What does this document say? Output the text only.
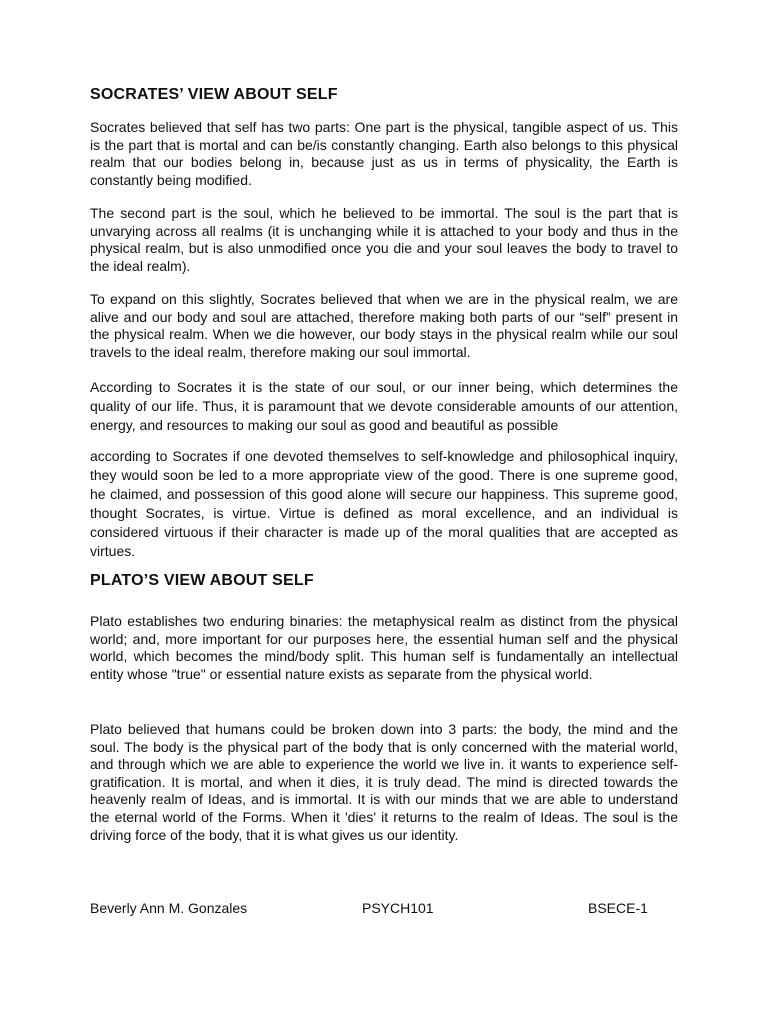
SOCRATES’ VIEW ABOUT SELF

Socrates believed that self has two parts: One part is the physical, tangible aspect of us. This is the part that is mortal and can be/is constantly changing. Earth also belongs to this physical realm that our bodies belong in, because just as us in terms of physicality, the Earth is constantly being modified.

The second part is the soul, which he believed to be immortal. The soul is the part that is unvarying across all realms (it is unchanging while it is attached to your body and thus in the physical realm, but is also unmodified once you die and your soul leaves the body to travel to the ideal realm).

To expand on this slightly, Socrates believed that when we are in the physical realm, we are alive and our body and soul are attached, therefore making both parts of our “self” present in the physical realm. When we die however, our body stays in the physical realm while our soul travels to the ideal realm, therefore making our soul immortal.

According to Socrates it is the state of our soul, or our inner being, which determines the quality of our life. Thus, it is paramount that we devote considerable amounts of our attention, energy, and resources to making our soul as good and beautiful as possible

according to Socrates if one devoted themselves to self-knowledge and philosophical inquiry, they would soon be led to a more appropriate view of the good. There is one supreme good, he claimed, and possession of this good alone will secure our happiness. This supreme good, thought Socrates, is virtue. Virtue is defined as moral excellence, and an individual is considered virtuous if their character is made up of the moral qualities that are accepted as virtues.

PLATO’S VIEW ABOUT SELF

Plato establishes two enduring binaries: the metaphysical realm as distinct from the physical world; and, more important for our purposes here, the essential human self and the physical world, which becomes the mind/body split. This human self is fundamentally an intellectual entity whose "true" or essential nature exists as separate from the physical world.

Plato believed that humans could be broken down into 3 parts: the body, the mind and the soul. The body is the physical part of the body that is only concerned with the material world, and through which we are able to experience the world we live in. it wants to experience self-gratification. It is mortal, and when it dies, it is truly dead. The mind is directed towards the heavenly realm of Ideas, and is immortal. It is with our minds that we are able to understand the eternal world of the Forms. When it 'dies' it returns to the realm of Ideas. The soul is the driving force of the body, that it is what gives us our identity.

Beverly Ann M. Gonzales	PSYCH101	BSECE-1
